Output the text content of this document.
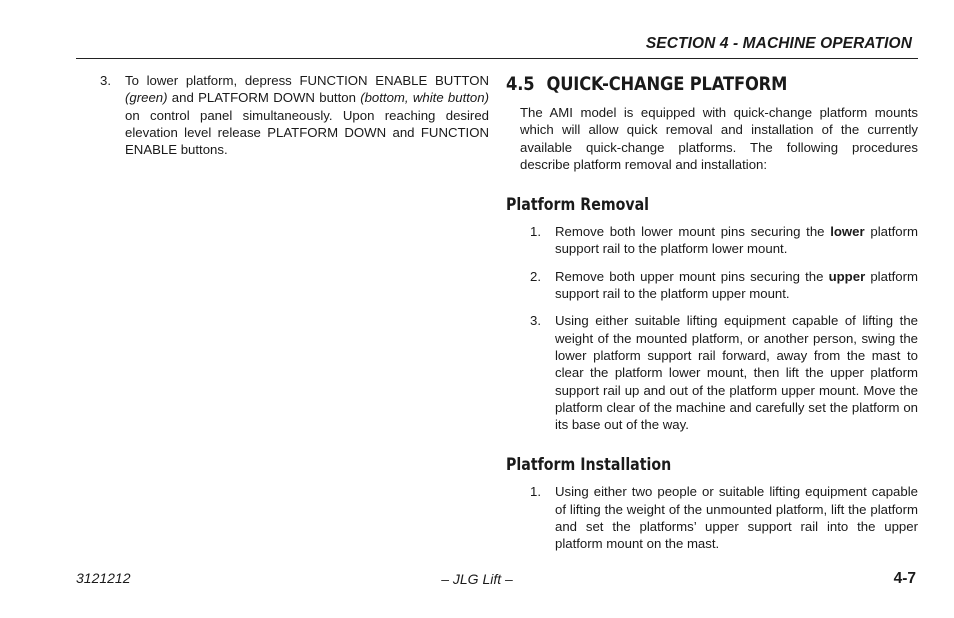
SECTION 4 - MACHINE OPERATION
3. To lower platform, depress FUNCTION ENABLE BUTTON (green) and PLATFORM DOWN button (bottom, white button) on control panel simultaneously. Upon reaching desired elevation level release PLATFORM DOWN and FUNCTION ENABLE buttons.
4.5 QUICK-CHANGE PLATFORM

The AMI model is equipped with quick-change platform mounts which will allow quick removal and installation of the currently available quick-change platforms. The following procedures describe platform removal and installation:

Platform Removal
1. Remove both lower mount pins securing the lower platform support rail to the platform lower mount.
2. Remove both upper mount pins securing the upper platform support rail to the platform upper mount.
3. Using either suitable lifting equipment capable of lifting the weight of the mounted platform, or another person, swing the lower platform support rail forward, away from the mast to clear the platform lower mount, then lift the upper platform support rail up and out of the platform upper mount. Move the platform clear of the machine and carefully set the platform on its base out of the way.
Platform Installation
1. Using either two people or suitable lifting equipment capable of lifting the weight of the unmounted platform, lift the platform and set the platforms’ upper support rail into the upper platform mount on the mast.
3121212	– JLG Lift –	4-7
